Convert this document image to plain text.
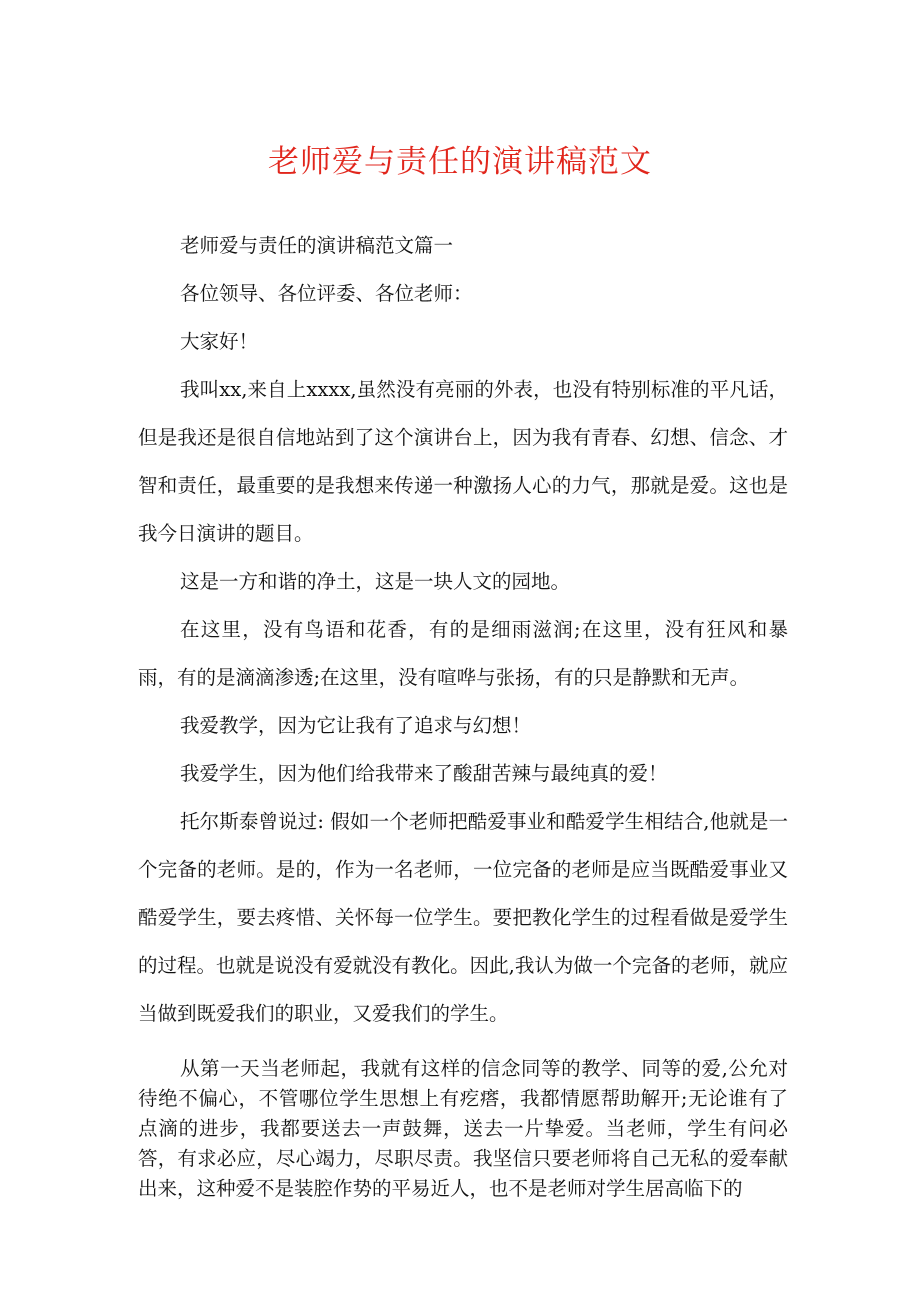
老师爱与责任的演讲稿范文

老师爱与责任的演讲稿范文篇一

各位领导、各位评委、各位老师：

大家好！

我叫xx,来自上xxxx,虽然没有亮丽的外表，也没有特别标准的平凡话，但是我还是很自信地站到了这个演讲台上，因为我有青春、幻想、信念、才智和责任，最重要的是我想来传递一种激扬人心的力气，那就是爱。这也是我今日演讲的题目。

这是一方和谐的净土，这是一块人文的园地。

在这里，没有鸟语和花香，有的是细雨滋润;在这里，没有狂风和暴雨，有的是滴滴渗透;在这里，没有喧哗与张扬，有的只是静默和无声。

我爱教学，因为它让我有了追求与幻想！

我爱学生，因为他们给我带来了酸甜苦辣与最纯真的爱！

托尔斯泰曾说过: 假如一个老师把酷爱事业和酷爱学生相结合,他就是一个完备的老师。是的，作为一名老师，一位完备的老师是应当既酷爱事业又酷爱学生，要去疼惜、关怀每一位学生。要把教化学生的过程看做是爱学生的过程。也就是说没有爱就没有教化。因此,我认为做一个完备的老师，就应当做到既爱我们的职业，又爱我们的学生。

从第一天当老师起，我就有这样的信念同等的教学、同等的爱,公允对待绝不偏心，不管哪位学生思想上有疙瘩，我都情愿帮助解开;无论谁有了点滴的进步，我都要送去一声鼓舞，送去一片挚爱。当老师，学生有问必答，有求必应，尽心竭力，尽职尽责。我坚信只要老师将自己无私的爱奉献出来，这种爱不是装腔作势的平易近人，也不是老师对学生居高临下的
